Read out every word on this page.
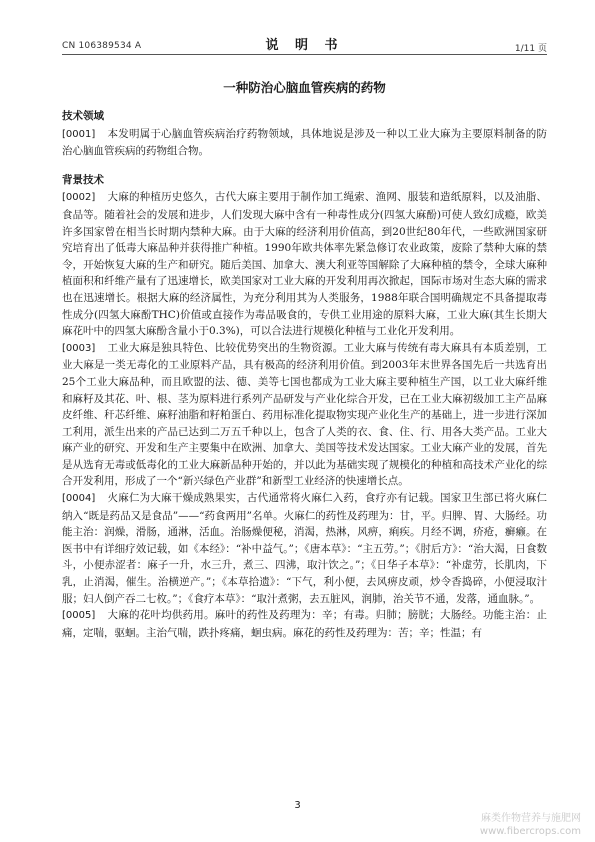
CN 106389534 A	说 明 书	1/11 页
一种防治心脑血管疾病的药物
技术领域

[0001] 本发明属于心脑血管疾病治疗药物领域，具体地说是涉及一种以工业大麻为主要原料制备的防治心脑血管疾病的药物组合物。

背景技术

[0002] 大麻的种植历史悠久，古代大麻主要用于制作加工绳索、渔网、服装和造纸原料，以及油脂、食品等。随着社会的发展和进步，人们发现大麻中含有一种毒性成分(四氢大麻酚)可使人致幻成瘾，欧美许多国家曾在相当长时期内禁种大麻。由于大麻的经济利用价值高，到20世纪80年代，一些欧洲国家研究培育出了低毒大麻品种并获得推广种植。1990年欧共体率先紧急修订农业政策，废除了禁种大麻的禁令，开始恢复大麻的生产和研究。随后美国、加拿大、澳大利亚等国解除了大麻种植的禁令，全球大麻种植面积和纤维产量有了迅速增长，欧美国家对工业大麻的开发利用再次掀起，国际市场对生态大麻的需求也在迅速增长。根据大麻的经济属性，为充分利用其为人类服务，1988年联合国明确规定不具备提取毒性成分(四氢大麻酚THC)价值或直接作为毒品吸食的，专供工业用途的原料大麻，工业大麻(其生长期大麻花叶中的四氢大麻酚含量小于0.3%)，可以合法进行规模化种植与工业化开发利用。

[0003] 工业大麻是独具特色、比较优势突出的生物资源。工业大麻与传统有毒大麻具有本质差别，工业大麻是一类无毒化的工业原料产品，具有极高的经济利用价值。到2003年末世界各国先后一共选育出25个工业大麻品种，而且欧盟的法、德、美等七国也都成为工业大麻主要种植生产国，以工业大麻纤维和麻籽及其花、叶、根、茎为原料进行系列产品研发与产业化综合开发，已在工业大麻初级加工主产品麻皮纤维、秆芯纤维、麻籽油脂和籽粕蛋白、药用标准化提取物实现产业化生产的基础上，进一步进行深加工利用，派生出来的产品已达到二万五千种以上，包含了人类的衣、食、住、行、用各大类产品。工业大麻产业的研究、开发和生产主要集中在欧洲、加拿大、美国等技术发达国家。工业大麻产业的发展，首先是从选育无毒或低毒化的工业大麻新品种开始的，并以此为基础实现了规模化的种植和高技术产业化的综合开发利用，形成了一个“新兴绿色产业群”和新型工业经济的快速增长点。

[0004] 火麻仁为大麻干燥成熟果实，古代通常将火麻仁入药，食疗亦有记载。国家卫生部已将火麻仁纳入“既是药品又是食品”——“药食两用”名单。火麻仁的药性及药理为：甘，平。归脾、胃、大肠经。功能主治：润燥，滑肠，通淋，活血。治肠燥便秘，消渴，热淋，风痹，痢疾。月经不调，疥疮，癣癞。在医书中有详细疗效记载，如《本经》：“补中益气。”；《唐本草》：“主五劳。”；《肘后方》：“治大渴，日食数斗，小便赤涩者：麻子一升，水三升，煮三、四沸，取汁饮之。”；《日华子本草》：“补虚劳，长肌肉，下乳，止消渴，催生。治横逆产。”；《本草拾遗》：“下气，利小便，去风痹皮顽，炒令香捣碎，小便浸取汁服；妇人倒产吞二七枚。”；《食疗本草》：“取汁煮粥，去五脏风，润肺，治关节不通，发落，通血脉。”。

[0005] 大麻的花叶均供药用。麻叶的药性及药理为：辛；有毒。归肺；膀胱；大肠经。功能主治：止痛，定喘，驱蛔。主治气喘，跌扑疼痛，蛔虫病。麻花的药性及药理为：苦；辛；性温；有

3
麻类作物营养与施肥网
www.fibercrops.com
